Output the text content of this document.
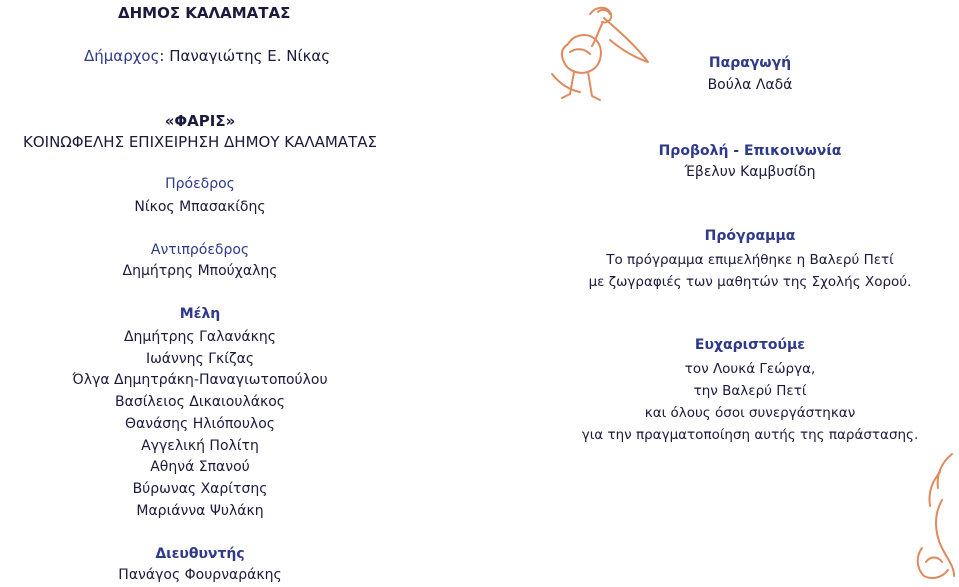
ΔΗΜΟΣ ΚΑΛΑΜΑΤΑΣ
Δήμαρχος: Παναγιώτης Ε. Νίκας
«ΦΑΡΙΣ»
ΚΟΙΝΩΦΕΛΗΣ ΕΠΙΧΕΙΡΗΣΗ ΔΗΜΟΥ ΚΑΛΑΜΑΤΑΣ
Πρόεδρος
Νίκος Μπασακίδης
Αντιπρόεδρος
Δημήτρης Μπούχαλης
Μέλη
Δημήτρης Γαλανάκης
Ιωάννης Γκίζας
Όλγα Δημητράκη-Παναγιωτοπούλου
Βασίλειος Δικαιουλάκος
Θανάσης Ηλιόπουλος
Αγγελική Πολίτη
Αθηνά Σπανού
Βύρωνας Χαρίτσης
Μαριάννα Ψυλάκη
Διευθυντής
Πανάγος Φουρναράκης
Παραγωγή
Βούλα Λαδά
Προβολή - Επικοινωνία
Έβελυν Καμβυσίδη
Πρόγραμμα
Το πρόγραμμα επιμελήθηκε η Βαλερύ Πετί
με ζωγραφιές των μαθητών της Σχολής Χορού.
Ευχαριστούμε
τον Λουκά Γεώργα,
την Βαλερύ Πετί
και όλους όσοι συνεργάστηκαν
για την πραγματοποίηση αυτής της παράστασης.
